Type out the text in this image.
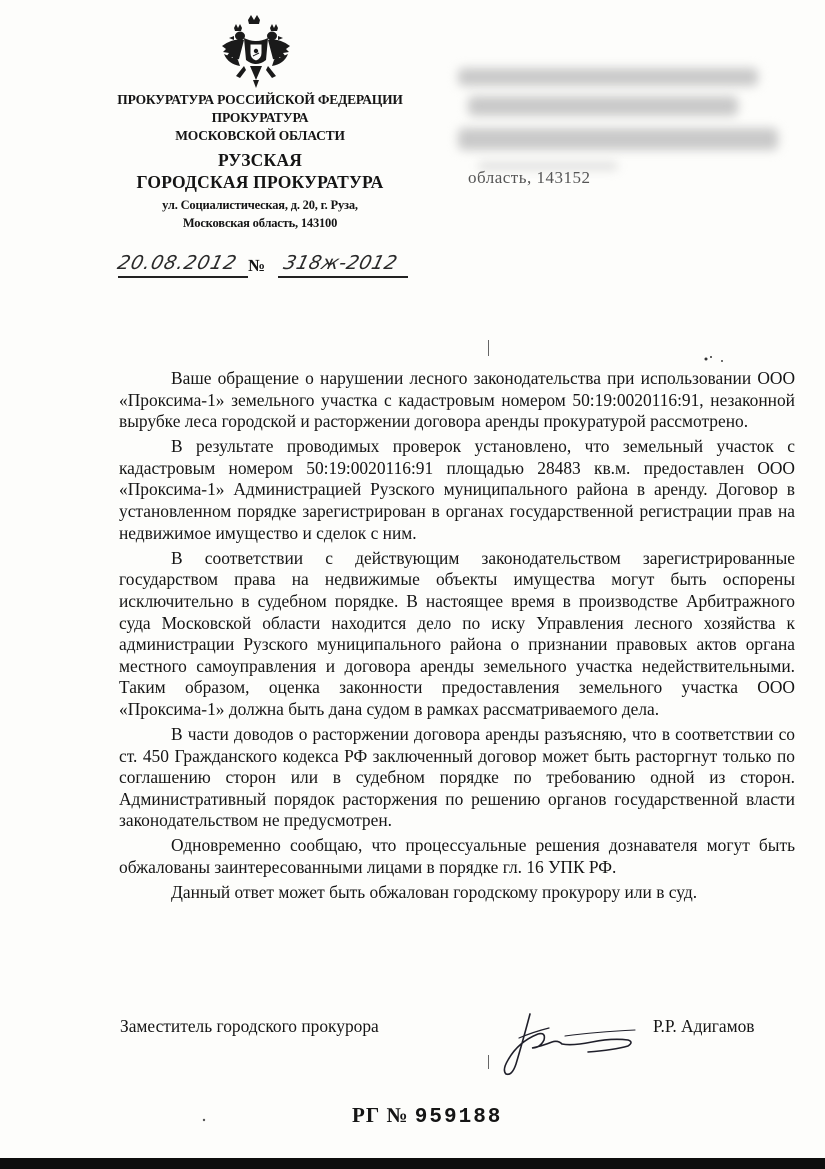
ПРОКУРАТУРА РОССИЙСКОЙ ФЕДЕРАЦИИ
ПРОКУРАТУРА
МОСКОВСКОЙ ОБЛАСТИ
РУЗСКАЯ
ГОРОДСКАЯ ПРОКУРАТУРА
ул. Социалистическая, д. 20, г. Руза,
Московская область, 143100
20.08.2012 № 318ж-2012
область, 143152

Ваше обращение о нарушении лесного законодательства при использовании ООО «Проксима-1» земельного участка с кадастровым номером 50:19:0020116:91, незаконной вырубке леса городской и расторжении договора аренды прокуратурой рассмотрено.

В результате проводимых проверок установлено, что земельный участок с кадастровым номером 50:19:0020116:91 площадью 28483 кв.м. предоставлен ООО «Проксима-1» Администрацией Рузского муниципального района в аренду. Договор в установленном порядке зарегистрирован в органах государственной регистрации прав на недвижимое имущество и сделок с ним.

В соответствии с действующим законодательством зарегистрированные государством права на недвижимые объекты имущества могут быть оспорены исключительно в судебном порядке. В настоящее время в производстве Арбитражного суда Московской области находится дело по иску Управления лесного хозяйства к администрации Рузского муниципального района о признании правовых актов органа местного самоуправления и договора аренды земельного участка недействительными. Таким образом, оценка законности предоставления земельного участка ООО «Проксима-1» должна быть дана судом в рамках рассматриваемого дела.

В части доводов о расторжении договора аренды разъясняю, что в соответствии со ст. 450 Гражданского кодекса РФ заключенный договор может быть расторгнут только по соглашению сторон или в судебном порядке по требованию одной из сторон. Административный порядок расторжения по решению органов государственной власти законодательством не предусмотрен.

Одновременно сообщаю, что процессуальные решения дознавателя могут быть обжалованы заинтересованными лицами в порядке гл. 16 УПК РФ.

Данный ответ может быть обжалован городскому прокурору или в суд.

Заместитель городского прокурора	Р.Р. Адигамов
РГ № 959188
